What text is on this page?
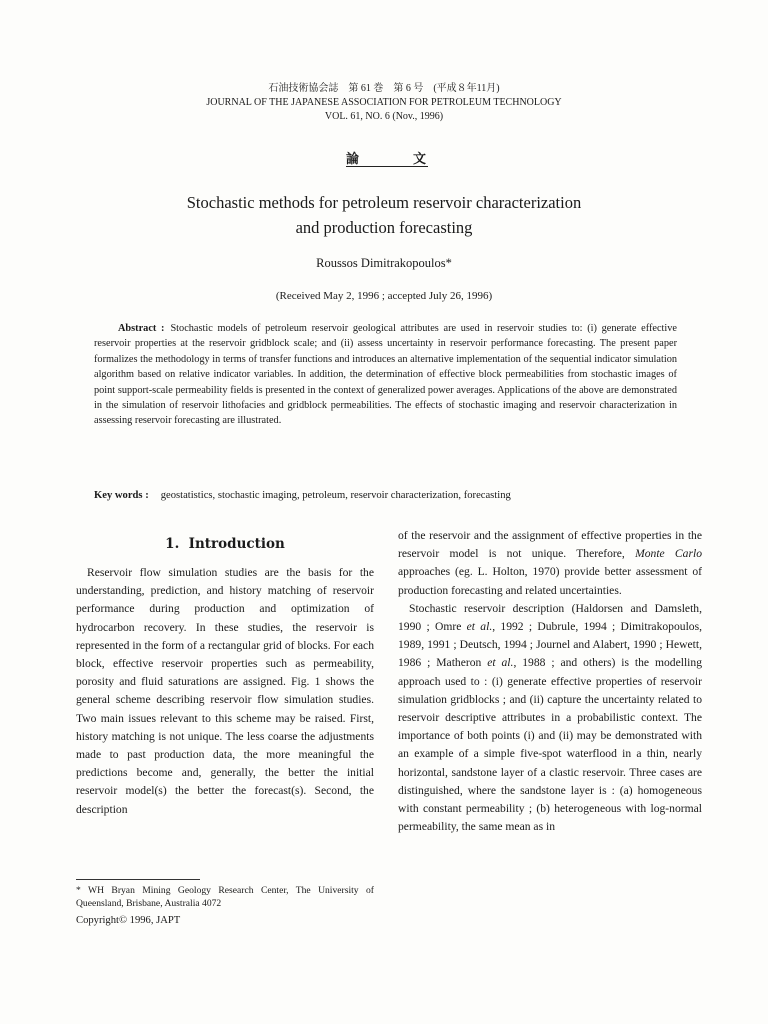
石油技術協会誌　第 61 巻　第 6 号　(平成８年11月)
JOURNAL OF THE JAPANESE ASSOCIATION FOR PETROLEUM TECHNOLOGY
VOL. 61, NO. 6 (Nov., 1996)
論文
Stochastic methods for petroleum reservoir characterization
and production forecasting
Roussos Dimitrakopoulos*
(Received May 2, 1996 ; accepted July 26, 1996)
Abstract : Stochastic models of petroleum reservoir geological attributes are used in reservoir studies to: (i) generate effective reservoir properties at the reservoir gridblock scale; and (ii) assess uncertainty in reservoir performance forecasting. The present paper formalizes the methodology in terms of transfer functions and introduces an alternative implementation of the sequential indicator simulation algorithm based on relative indicator variables. In addition, the determination of effective block permeabilities from stochastic images of point support-scale permeability fields is presented in the context of generalized power averages. Applications of the above are demonstrated in the simulation of reservoir lithofacies and gridblock permeabilities. The effects of stochastic imaging and reservoir characterization in assessing reservoir forecasting are illustrated.
Key words : geostatistics, stochastic imaging, petroleum, reservoir characterization, forecasting
1. Introduction

Reservoir flow simulation studies are the basis for the understanding, prediction, and history matching of reservoir performance during production and optimization of hydrocarbon recovery. In these studies, the reservoir is represented in the form of a rectangular grid of blocks. For each block, effective reservoir properties such as permeability, porosity and fluid saturations are assigned. Fig. 1 shows the general scheme describing reservoir flow simulation studies. Two main issues relevant to this scheme may be raised. First, history matching is not unique. The less coarse the adjustments made to past production data, the more meaningful the predictions become and, generally, the better the initial reservoir model(s) the better the forecast(s). Second, the description

of the reservoir and the assignment of effective properties in the reservoir model is not unique. Therefore, Monte Carlo approaches (eg. L. Holton, 1970) provide better assessment of production forecasting and related uncertainties.

Stochastic reservoir description (Haldorsen and Damsleth, 1990 ; Omre et al., 1992 ; Dubrule, 1994 ; Dimitrakopoulos, 1989, 1991 ; Deutsch, 1994 ; Journel and Alabert, 1990 ; Hewett, 1986 ; Matheron et al., 1988 ; and others) is the modelling approach used to : (i) generate effective properties of reservoir simulation gridblocks ; and (ii) capture the uncertainty related to reservoir descriptive attributes in a probabilistic context. The importance of both points (i) and (ii) may be demonstrated with an example of a simple five-spot waterflood in a thin, nearly horizontal, sandstone layer of a clastic reservoir. Three cases are distinguished, where the sandstone layer is : (a) homogeneous with constant permeability ; (b) heterogeneous with log-normal permeability, the same mean as in

* WH Bryan Mining Geology Research Center, The University of Queensland, Brisbane, Australia 4072
Copyright© 1996, JAPT
